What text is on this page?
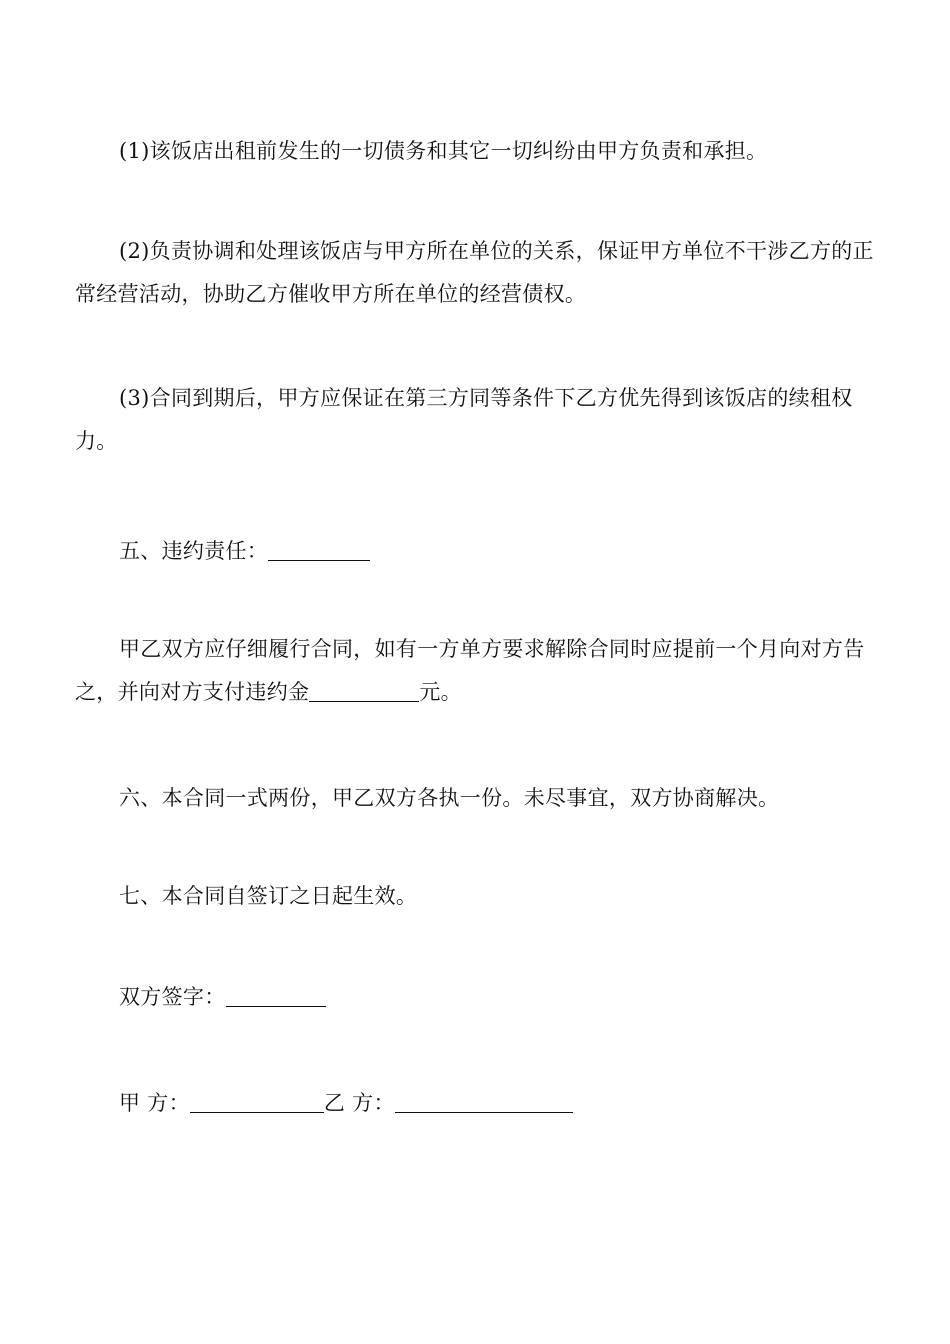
(1)该饭店出租前发生的一切债务和其它一切纠纷由甲方负责和承担。
(2)负责协调和处理该饭店与甲方所在单位的关系，保证甲方单位不干涉乙方的正常经营活动，协助乙方催收甲方所在单位的经营债权。
(3)合同到期后，甲方应保证在第三方同等条件下乙方优先得到该饭店的续租权力。
五、违约责任：
甲乙双方应仔细履行合同，如有一方单方要求解除合同时应提前一个月向对方告之，并向对方支付违约金	元。
六、本合同一式两份，甲乙双方各执一份。未尽事宜，双方协商解决。
七、本合同自签订之日起生效。
双方签字：
甲 方：	乙 方：
